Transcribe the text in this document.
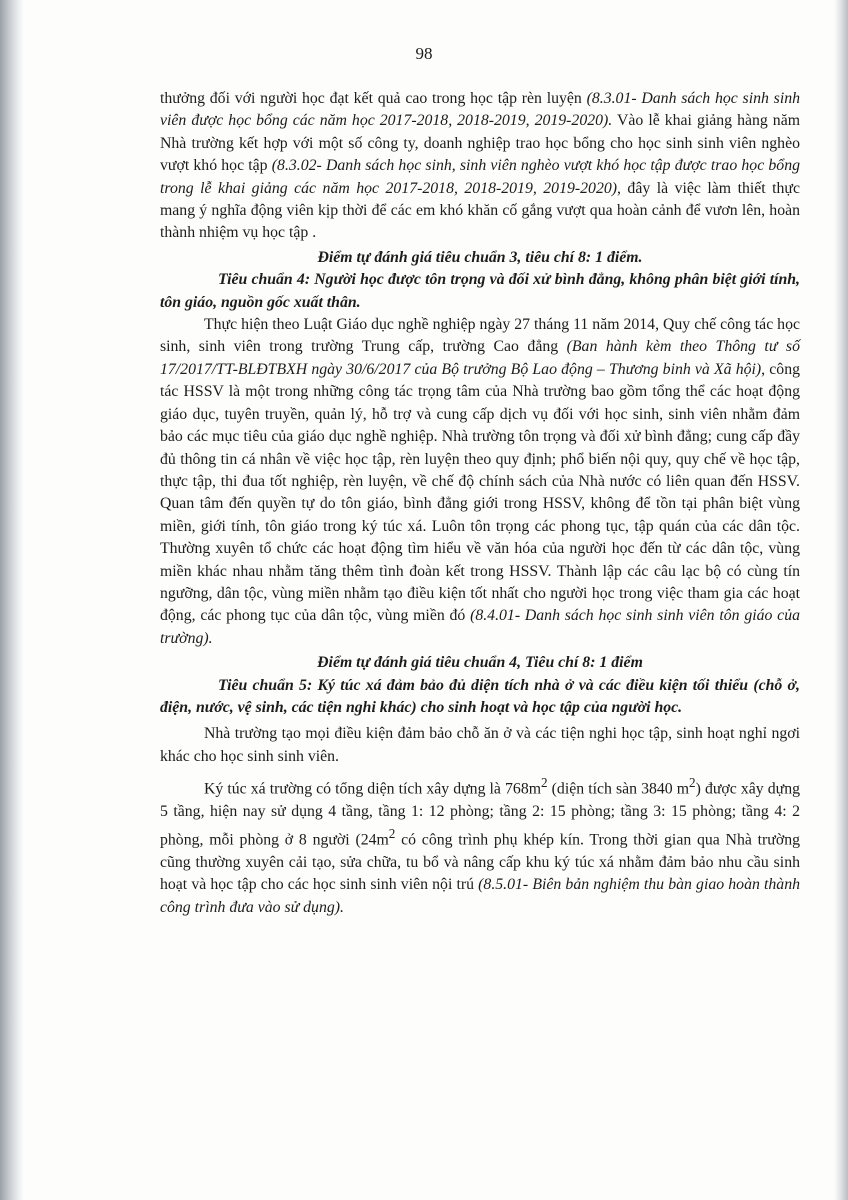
98

thưởng đối với người học đạt kết quả cao trong học tập rèn luyện (8.3.01- Danh sách học sinh sinh viên được học bổng các năm học 2017-2018, 2018-2019, 2019-2020). Vào lễ khai giảng hàng năm Nhà trường kết hợp với một số công ty, doanh nghiệp trao học bổng cho học sinh sinh viên nghèo vượt khó học tập (8.3.02- Danh sách học sinh, sinh viên nghèo vượt khó học tập được trao học bổng trong lễ khai giảng các năm học 2017-2018, 2018-2019, 2019-2020), đây là việc làm thiết thực mang ý nghĩa động viên kịp thời để các em khó khăn cố gắng vượt qua hoàn cảnh để vươn lên, hoàn thành nhiệm vụ học tập .

Điểm tự đánh giá tiêu chuẩn 3, tiêu chí 8: 1 điểm.

Tiêu chuẩn 4: Người học được tôn trọng và đối xử bình đẳng, không phân biệt giới tính, tôn giáo, nguồn gốc xuất thân.

Thực hiện theo Luật Giáo dục nghề nghiệp ngày 27 tháng 11 năm 2014, Quy chế công tác học sinh, sinh viên trong trường Trung cấp, trường Cao đẳng (Ban hành kèm theo Thông tư số 17/2017/TT-BLĐTBXH ngày 30/6/2017 của Bộ trưởng Bộ Lao động – Thương binh và Xã hội), công tác HSSV là một trong những công tác trọng tâm của Nhà trường bao gồm tổng thể các hoạt động giáo dục, tuyên truyền, quản lý, hỗ trợ và cung cấp dịch vụ đối với học sinh, sinh viên nhằm đảm bảo các mục tiêu của giáo dục nghề nghiệp. Nhà trường tôn trọng và đối xử bình đẳng; cung cấp đầy đủ thông tin cá nhân về việc học tập, rèn luyện theo quy định; phổ biến nội quy, quy chế về học tập, thực tập, thi đua tốt nghiệp, rèn luyện, về chế độ chính sách của Nhà nước có liên quan đến HSSV. Quan tâm đến quyền tự do tôn giáo, bình đẳng giới trong HSSV, không để tồn tại phân biệt vùng miền, giới tính, tôn giáo trong ký túc xá. Luôn tôn trọng các phong tục, tập quán của các dân tộc. Thường xuyên tổ chức các hoạt động tìm hiểu về văn hóa của người học đến từ các dân tộc, vùng miền khác nhau nhằm tăng thêm tình đoàn kết trong HSSV. Thành lập các câu lạc bộ có cùng tín ngưỡng, dân tộc, vùng miền nhằm tạo điều kiện tốt nhất cho người học trong việc tham gia các hoạt động, các phong tục của dân tộc, vùng miền đó (8.4.01- Danh sách học sinh sinh viên tôn giáo của trường).

Điểm tự đánh giá tiêu chuẩn 4, Tiêu chí 8: 1 điểm

Tiêu chuẩn 5: Ký túc xá đảm bảo đủ diện tích nhà ở và các điều kiện tối thiểu (chỗ ở, điện, nước, vệ sinh, các tiện nghi khác) cho sinh hoạt và học tập của người học.

Nhà trường tạo mọi điều kiện đảm bảo chỗ ăn ở và các tiện nghi học tập, sinh hoạt nghỉ ngơi khác cho học sinh sinh viên.

Ký túc xá trường có tổng diện tích xây dựng là $768m^2$ (diện tích sàn 3840 $m^2$) được xây dựng 5 tầng, hiện nay sử dụng 4 tầng, tầng 1: 12 phòng; tầng 2: 15 phòng; tầng 3: 15 phòng; tầng 4: 2 phòng, mỗi phòng ở 8 người ($24m^2$ có công trình phụ khép kín. Trong thời gian qua Nhà trường cũng thường xuyên cải tạo, sửa chữa, tu bổ và nâng cấp khu ký túc xá nhằm đảm bảo nhu cầu sinh hoạt và học tập cho các học sinh sinh viên nội trú (8.5.01- Biên bản nghiệm thu bàn giao hoàn thành công trình đưa vào sử dụng).
